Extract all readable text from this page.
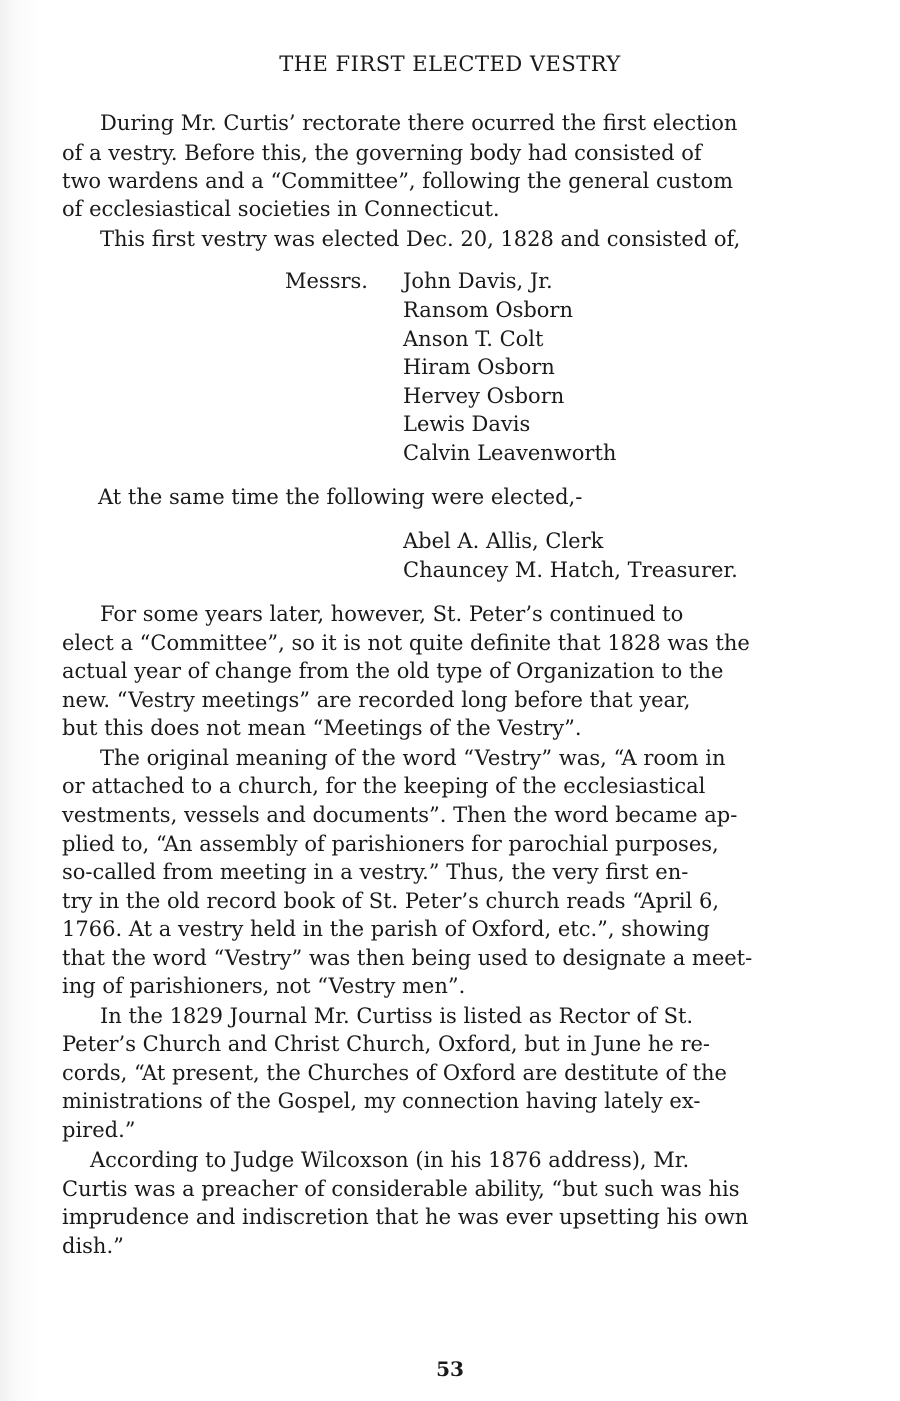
THE FIRST ELECTED VESTRY
During Mr. Curtis’ rectorate there ocurred the first election
of a vestry. Before this, the governing body had consisted of
two wardens and a “Committee”, following the general custom
of ecclesiastical societies in Connecticut.
This first vestry was elected Dec. 20, 1828 and consisted of,
Messrs. John Davis, Jr.
Ransom Osborn
Anson T. Colt
Hiram Osborn
Hervey Osborn
Lewis Davis
Calvin Leavenworth
At the same time the following were elected,-
Abel A. Allis, Clerk
Chauncey M. Hatch, Treasurer.
For some years later, however, St. Peter’s continued to
elect a “Committee”, so it is not quite definite that 1828 was the
actual year of change from the old type of Organization to the
new. “Vestry meetings” are recorded long before that year,
but this does not mean “Meetings of the Vestry”.
The original meaning of the word “Vestry” was, “A room in
or attached to a church, for the keeping of the ecclesiastical
vestments, vessels and documents”. Then the word became ap-
plied to, “An assembly of parishioners for parochial purposes,
so-called from meeting in a vestry.” Thus, the very first en-
try in the old record book of St. Peter’s church reads “April 6,
1766. At a vestry held in the parish of Oxford, etc.”, showing
that the word “Vestry” was then being used to designate a meet-
ing of parishioners, not “Vestry men”.
In the 1829 Journal Mr. Curtiss is listed as Rector of St.
Peter’s Church and Christ Church, Oxford, but in June he re-
cords, “At present, the Churches of Oxford are destitute of the
ministrations of the Gospel, my connection having lately ex-
pired.”
According to Judge Wilcoxson (in his 1876 address), Mr.
Curtis was a preacher of considerable ability, “but such was his
imprudence and indiscretion that he was ever upsetting his own
dish.”
53
